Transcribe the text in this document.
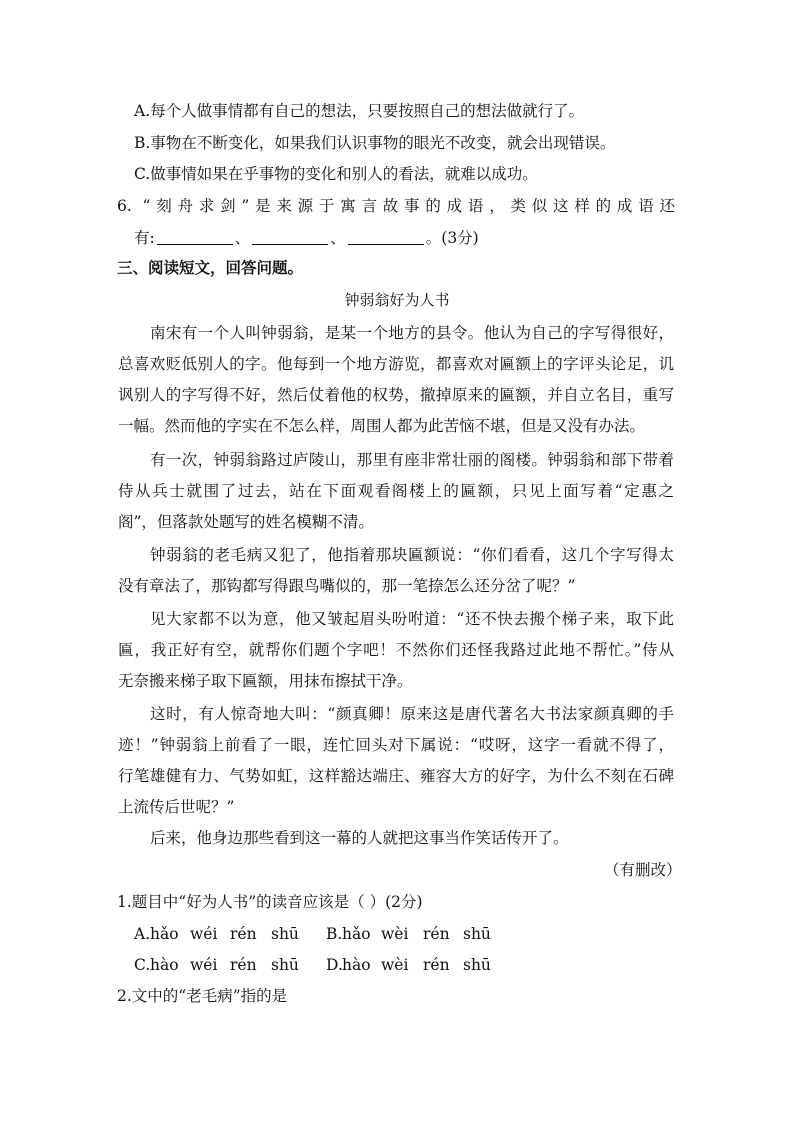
A.每个人做事情都有自己的想法，只要按照自己的想法做就行了。
B.事物在不断变化，如果我们认识事物的眼光不改变，就会出现错误。
C.做事情如果在乎事物的变化和别人的看法，就难以成功。
6. “刻舟求剑”是来源于寓言故事的成语，类似这样的成语还
有:	、	、	。(3分)
三、阅读短文，回答问题。
钟弱翁好为人书
南宋有一个人叫钟弱翁，是某一个地方的县令。他认为自己的字写得很好，
总喜欢贬低别人的字。他每到一个地方游览，都喜欢对匾额上的字评头论足，讥
讽别人的字写得不好，然后仗着他的权势，撤掉原来的匾额，并自立名目，重写
一幅。然而他的字实在不怎么样，周围人都为此苦恼不堪，但是又没有办法。
有一次，钟弱翁路过庐陵山，那里有座非常壮丽的阁楼。钟弱翁和部下带着
侍从兵士就围了过去，站在下面观看阁楼上的匾额，只见上面写着“定惠之
阁”，但落款处题写的姓名模糊不清。
钟弱翁的老毛病又犯了，他指着那块匾额说：“你们看看，这几个字写得太
没有章法了，那钩都写得跟鸟嘴似的，那一笔捺怎么还分岔了呢？”
见大家都不以为意，他又皱起眉头吩咐道：“还不快去搬个梯子来，取下此
匾，我正好有空，就帮你们题个字吧！不然你们还怪我路过此地不帮忙。”侍从
无奈搬来梯子取下匾额，用抹布擦拭干净。
这时，有人惊奇地大叫：“颜真卿！原来这是唐代著名大书法家颜真卿的手
迹！”钟弱翁上前看了一眼，连忙回头对下属说：“哎呀，这字一看就不得了，
行笔雄健有力、气势如虹，这样豁达端庄、雍容大方的好字，为什么不刻在石碑
上流传后世呢？”
后来，他身边那些看到这一幕的人就把这事当作笑话传开了。
（有删改）
1.题目中“好为人书”的读音应该是（ ）(2分)
A. hǎo wéi rén shū B. hǎo wèi rén shū
C. hào wéi rén shū D. hào wèi rén shū
2.文中的“老毛病”指的是
